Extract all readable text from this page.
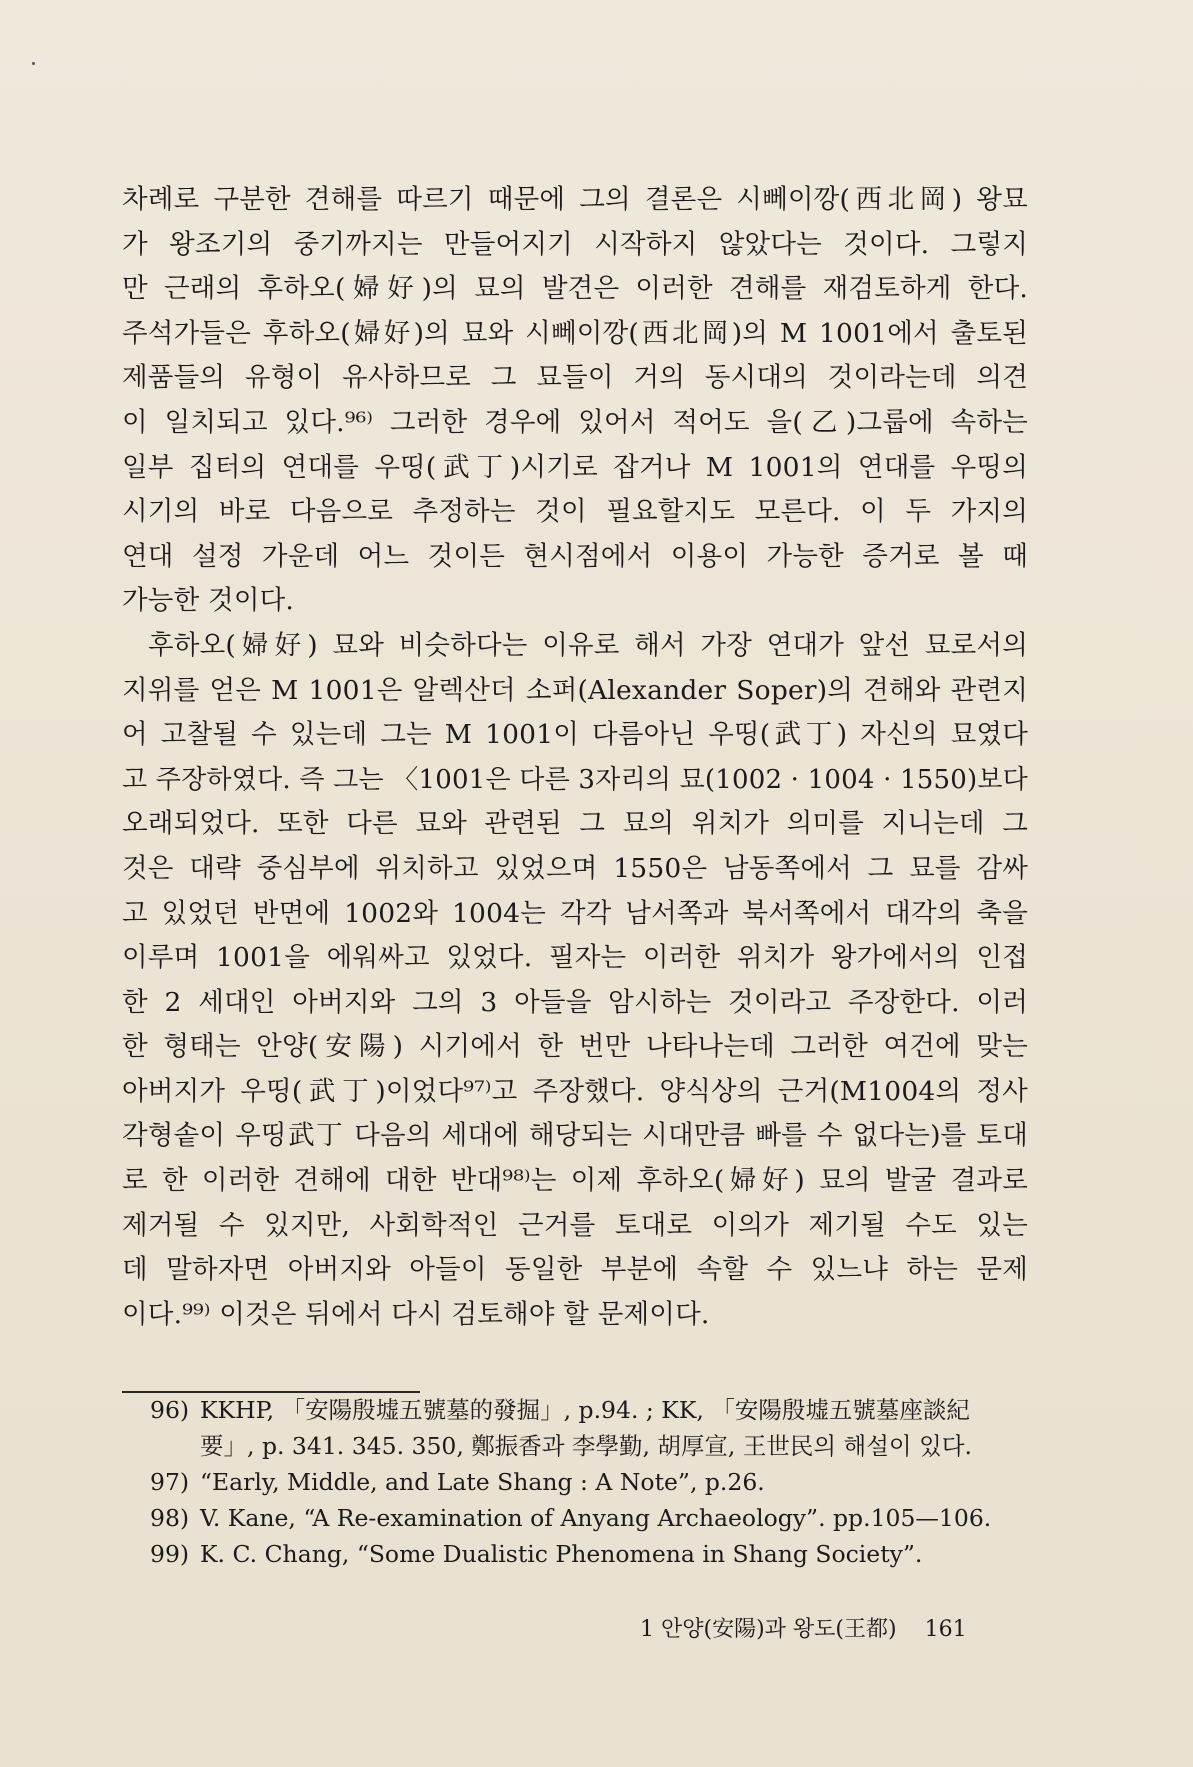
차례로 구분한 견해를 따르기 때문에 그의 결론은 시뻬이깡(西北岡) 왕묘
가 왕조기의 중기까지는 만들어지기 시작하지 않았다는 것이다. 그렇지
만 근래의 후하오(婦好)의 묘의 발견은 이러한 견해를 재검토하게 한다.
주석가들은 후하오(婦好)의 묘와 시뻬이깡(西北岡)의 M 1001에서 출토된
제품들의 유형이 유사하므로 그 묘들이 거의 동시대의 것이라는데 의견
이 일치되고 있다.⁹⁶⁾ 그러한 경우에 있어서 적어도 을(乙)그룹에 속하는
일부 집터의 연대를 우띵(武丁)시기로 잡거나 M 1001의 연대를 우띵의
시기의 바로 다음으로 추정하는 것이 필요할지도 모른다. 이 두 가지의
연대 설정 가운데 어느 것이든 현시점에서 이용이 가능한 증거로 볼 때
가능한 것이다.
후하오(婦好) 묘와 비슷하다는 이유로 해서 가장 연대가 앞선 묘로서의
지위를 얻은 M 1001은 알렉산더 소퍼(Alexander Soper)의 견해와 관련지
어 고찰될 수 있는데 그는 M 1001이 다름아닌 우띵(武丁) 자신의 묘였다
고 주장하였다. 즉 그는 〈1001은 다른 3자리의 묘(1002 · 1004 · 1550)보다
오래되었다. 또한 다른 묘와 관련된 그 묘의 위치가 의미를 지니는데 그
것은 대략 중심부에 위치하고 있었으며 1550은 남동쪽에서 그 묘를 감싸
고 있었던 반면에 1002와 1004는 각각 남서쪽과 북서쪽에서 대각의 축을
이루며 1001을 에워싸고 있었다. 필자는 이러한 위치가 왕가에서의 인접
한 2 세대인 아버지와 그의 3 아들을 암시하는 것이라고 주장한다. 이러
한 형태는 안양(安陽) 시기에서 한 번만 나타나는데 그러한 여건에 맞는
아버지가 우띵(武丁)이었다⁹⁷⁾고 주장했다. 양식상의 근거(M1004의 정사
각형솥이 우띵武丁 다음의 세대에 해당되는 시대만큼 빠를 수 없다는)를 토대
로 한 이러한 견해에 대한 반대⁹⁸⁾는 이제 후하오(婦好) 묘의 발굴 결과로
제거될 수 있지만, 사회학적인 근거를 토대로 이의가 제기될 수도 있는
데 말하자면 아버지와 아들이 동일한 부분에 속할 수 있느냐 하는 문제
이다.⁹⁹⁾ 이것은 뒤에서 다시 검토해야 할 문제이다.
96) KKHP, 「安陽殷墟五號墓的發掘」, p.94. ; KK, 「安陽殷墟五號墓座談紀
要」, p. 341. 345. 350, 鄭振香과 李學勤, 胡厚宣, 王世民의 해설이 있다.
97) “Early, Middle, and Late Shang : A Note”, p.26.
98) V. Kane, “A Re-examination of Anyang Archaeology”. pp.105—106.
99) K. C. Chang, “Some Dualistic Phenomena in Shang Society”.
1 안양(安陽)과 왕도(王都) 161
